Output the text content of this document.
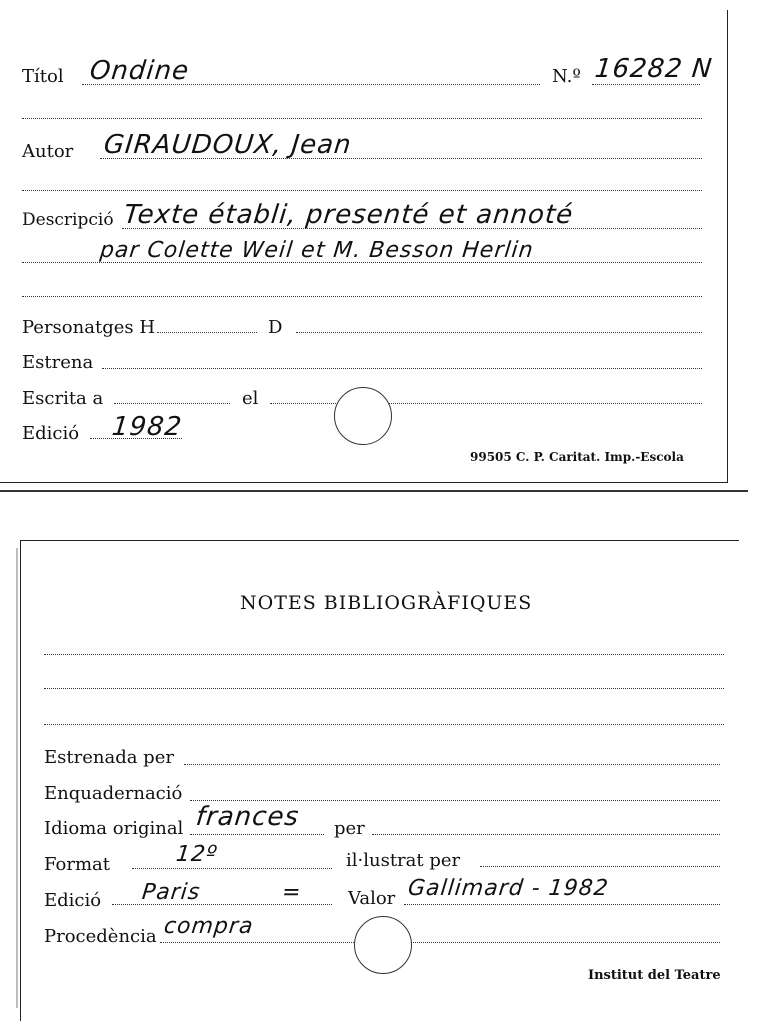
Títol Ondine	N.º 16282 N
Autor GIRAUDOUX, Jean
Descripció Texte établi, presenté et annoté
par Colette Weil et M. Besson Herlin
Personatges H	D
Estrena
Escrita a	el
Edició 1982
99505 C. P. Caritat. Imp.-Escola
NOTES BIBLIOGRÀFIQUES
Estrenada per
Enquadernació
Idioma original frances per
Format	12º	il·lustrat per
Edició Paris	=	Valor Gallimard - 1982
Procedència compra
Institut del Teatre
